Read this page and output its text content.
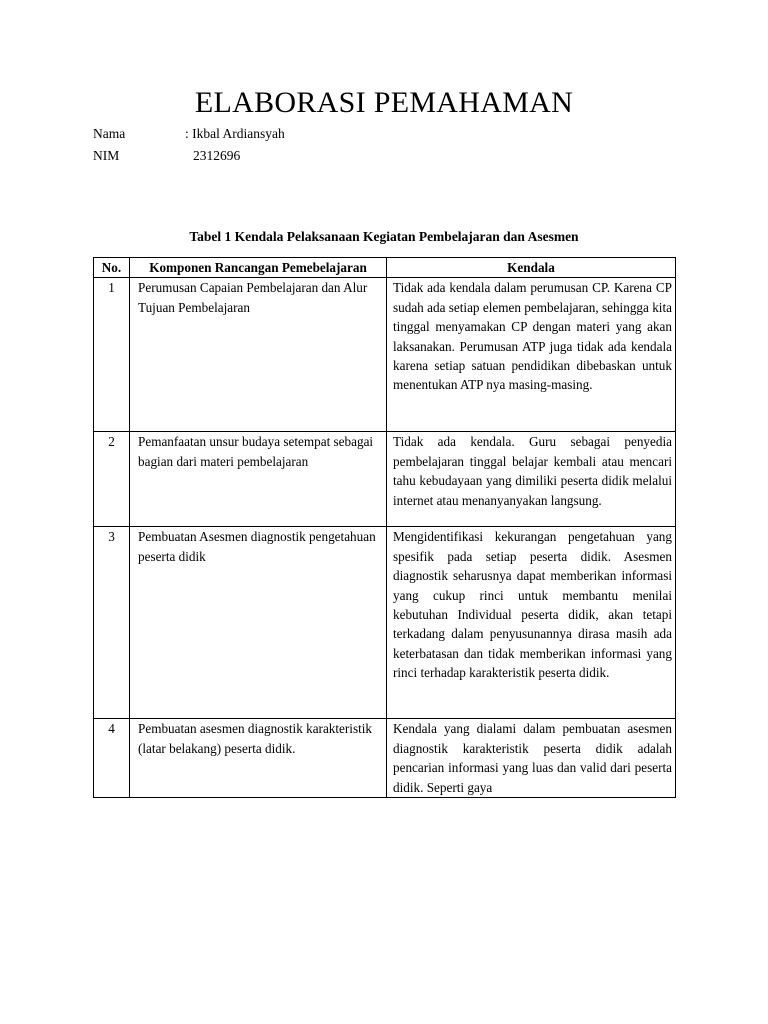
ELABORASI PEMAHAMAN
Nama	: Ikbal Ardiansyah
NIM	2312696
Tabel 1 Kendala Pelaksanaan Kegiatan Pembelajaran dan Asesmen
No.	Komponen Rancangan Pemebelajaran	Kendala
1	Perumusan Capaian Pembelajaran dan Alur Tujuan Pembelajaran	Tidak ada kendala dalam perumusan CP. Karena CP sudah ada setiap elemen pembelajaran, sehingga kita tinggal menyamakan CP dengan materi yang akan laksanakan. Perumusan ATP juga tidak ada kendala karena setiap satuan pendidikan dibebaskan untuk menentukan ATP nya masing-masing.
2	Pemanfaatan unsur budaya setempat sebagai bagian dari materi pembelajaran	Tidak ada kendala. Guru sebagai penyedia pembelajaran tinggal belajar kembali atau mencari tahu kebudayaan yang dimiliki peserta didik melalui internet atau menanyanyakan langsung.
3	Pembuatan Asesmen diagnostik pengetahuan peserta didik	Mengidentifikasi kekurangan pengetahuan yang spesifik pada setiap peserta didik. Asesmen diagnostik seharusnya dapat memberikan informasi yang cukup rinci untuk membantu menilai kebutuhan Individual peserta didik, akan tetapi terkadang dalam penyusunannya dirasa masih ada keterbatasan dan tidak memberikan informasi yang rinci terhadap karakteristik peserta didik.
4	Pembuatan asesmen diagnostik karakteristik (latar belakang) peserta didik.	Kendala yang dialami dalam pembuatan asesmen diagnostik karakteristik peserta didik adalah pencarian informasi yang luas dan valid dari peserta didik. Seperti gaya
